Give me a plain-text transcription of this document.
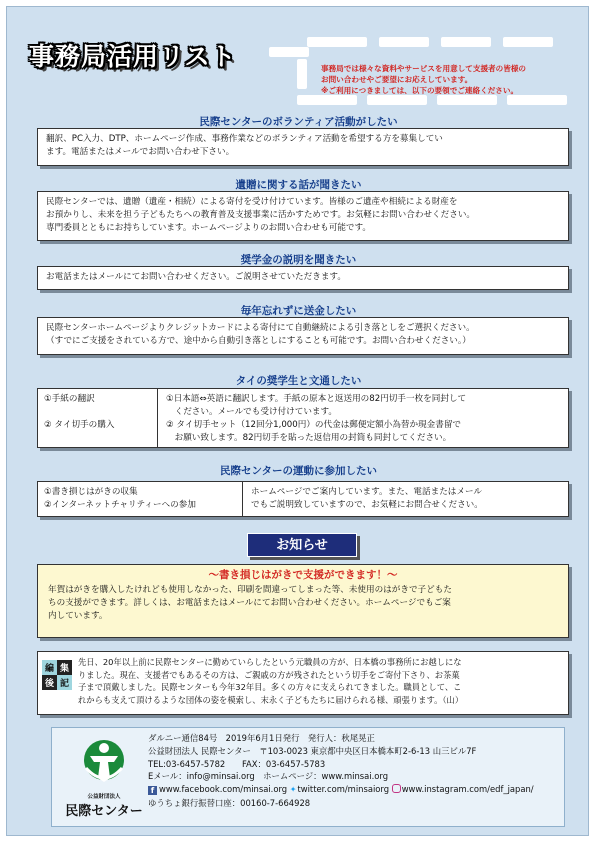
事務局活用リスト	事務局では様々な資料やサービスを用意して支援者の皆様の
お問い合わせやご要望にお応えしています。
※ご利用につきましては、以下の要領でご連絡ください。
民際センターのボランティア活動がしたい

翻訳、PC入力、DTP、ホームページ作成、事務作業などのボランティア活動を希望する方を募集してい

ます。電話またはメールでお問い合わせ下さい。

遺贈に関する話が聞きたい

民際センターでは、遺贈（遺産・相続）による寄付を受け付けています。皆様のご遺產や相続による財産を

お預かりし、未来を担う子どもたちへの教育普及支援事業に活かすためです。お気軽にお問い合わせください。

専門委員とともにお持ちしています。ホームページよりのお問い合わせも可能です。

奨学金の説明を聞きたい

お電話またはメールにてお問い合わせください。ご説明させていただきます。

毎年忘れずに送金したい

民際センターホームページよりクレジットカードによる寄付にて自動継続による引き落としをご選択ください。

（すでにご支援をされている方で、途中から自動引き落としにすることも可能です。お問い合わせください。）

タイの奨学生と文通したい

①手紙の翻訳

② タイ切手の購入

①日本語⇔英語に翻訳します。手紙の原本と返送用の82円切手一枚を同封して

　ください。メールでも受け付けています。

② タイ切手セット（12回分1,000円）の代金は郵便定額小為替か現金書留で

　お願い致します。82円切手を貼った返信用の封筒も同封してください。

民際センターの運動に参加したい

①書き損じはがきの収集

②インターネットチャリティーへの参加

ホームページでご案内しています。また、電話またはメール

でもご説明致していますので、お気軽にお問合せください。

お知らせ
〜書き損じはがきで支援ができます！〜

年賀はがきを購入したけれども使用しなかった、印刷を間違ってしまった等、未使用のはがきで子どもた

ちの支援ができます。詳しくは、お電話またはメールにてお問い合わせください。ホームページでもご案

内しています。

編 集
後 記

先日、20年以上前に民際センターに勤めていらしたという元職員の方が、日本橋の事務所にお越しにな

りました。現在、支援者でもあるその方は、ご親戚の方が残されたという切手をご寄付下さり、お茶菓

子まで頂戴しました。民際センターも今年32年目。多くの方々に支えられてきました。職員として、こ

れからも支えて頂けるような団体の姿を模索し、末永く子どもたちに届けられる様、頑張ります。（山）

公益財団法人
民際センター
ダルニー通信84号　2019年6月1日発行　発行人：秋尾晃正
公益財団法人 民際センター　〒103-0023 東京都中央区日本橋本町2-6-13 山三ビル7F
TEL:03-6457-5782　　FAX：03-6457-5783
Eメール：info@minsai.org　ホームページ：www.minsai.org
f www.facebook.com/minsai.org ✦twitter.com/minsaiorg www.instagram.com/edf_japan/
ゆうちょ銀行振替口座：00160-7-664928
